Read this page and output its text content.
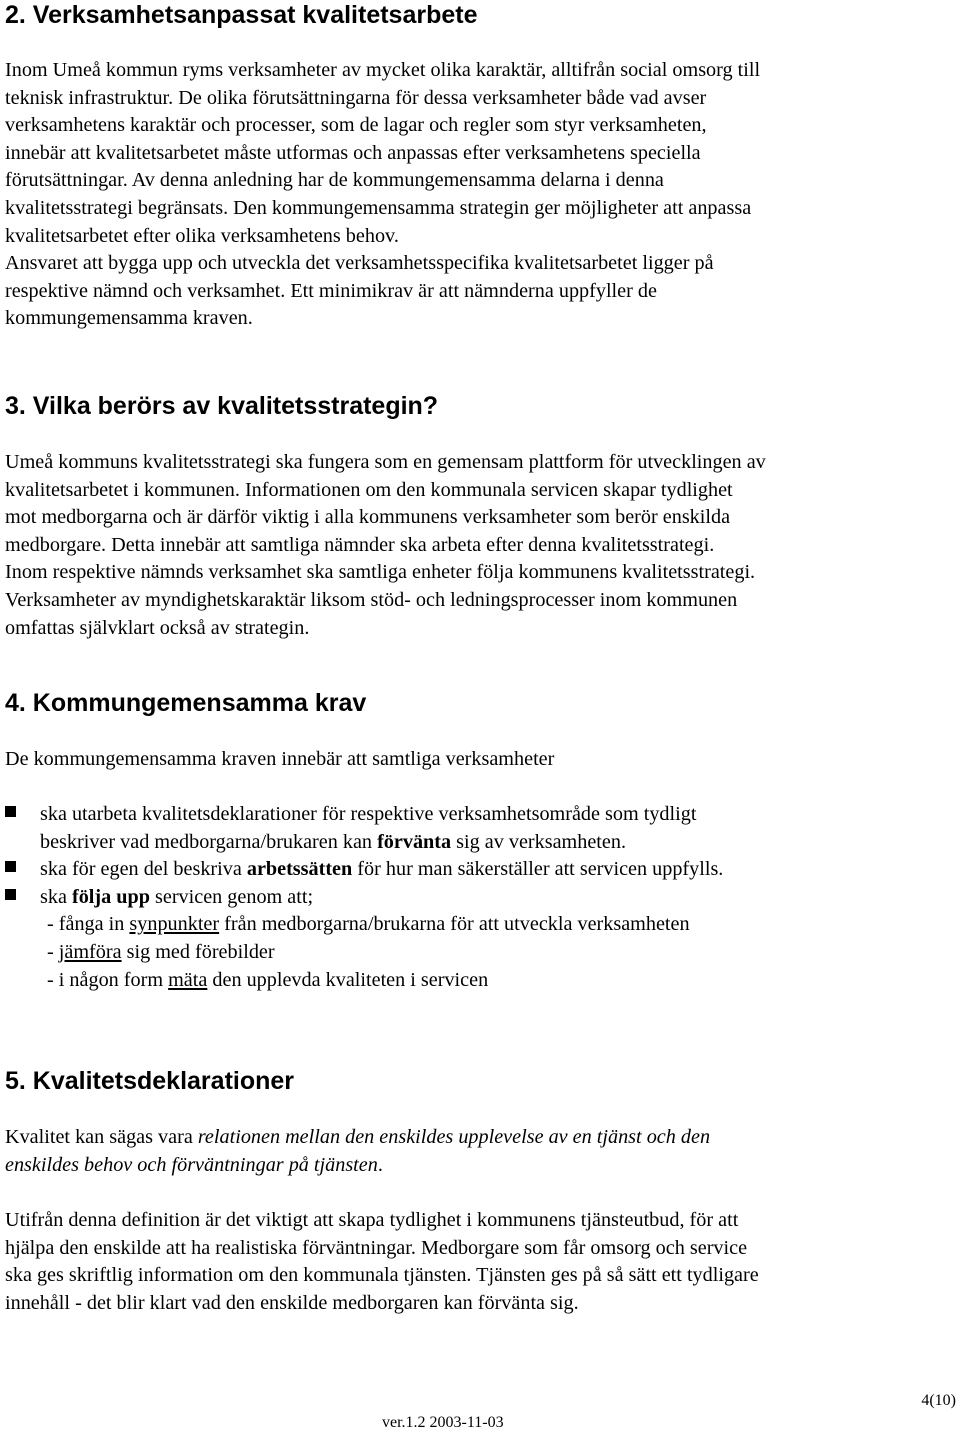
2. Verksamhetsanpassat kvalitetsarbete
Inom Umeå kommun ryms verksamheter av mycket olika karaktär, alltifrån social omsorg till
teknisk infrastruktur. De olika förutsättningarna för dessa verksamheter både vad avser
verksamhetens karaktär och processer, som de lagar och regler som styr verksamheten,
innebär att kvalitetsarbetet måste utformas och anpassas efter verksamhetens speciella
förutsättningar. Av denna anledning har de kommungemensamma delarna i denna
kvalitetsstrategi begränsats. Den kommungemensamma strategin ger möjligheter att anpassa
kvalitetsarbetet efter olika verksamhetens behov.
Ansvaret att bygga upp och utveckla det verksamhetsspecifika kvalitetsarbetet ligger på
respektive nämnd och verksamhet. Ett minimikrav är att nämnderna uppfyller de
kommungemensamma kraven.
3. Vilka berörs av kvalitetsstrategin?
Umeå kommuns kvalitetsstrategi ska fungera som en gemensam plattform för utvecklingen av
kvalitetsarbetet i kommunen. Informationen om den kommunala servicen skapar tydlighet
mot medborgarna och är därför viktig i alla kommunens verksamheter som berör enskilda
medborgare. Detta innebär att samtliga nämnder ska arbeta efter denna kvalitetsstrategi.
Inom respektive nämnds verksamhet ska samtliga enheter följa kommunens kvalitetsstrategi.
Verksamheter av myndighetskaraktär liksom stöd- och ledningsprocesser inom kommunen
omfattas självklart också av strategin.
4. Kommungemensamma krav
De kommungemensamma kraven innebär att samtliga verksamheter
ska utarbeta kvalitetsdeklarationer för respektive verksamhetsområde som tydligt
beskriver vad medborgarna/brukaren kan förvänta sig av verksamheten.
ska för egen del beskriva arbetssätten för hur man säkerställer att servicen uppfylls.
ska följa upp servicen genom att;
- fånga in synpunkter från medborgarna/brukarna för att utveckla verksamheten
- jämföra sig med förebilder
- i någon form mäta den upplevda kvaliteten i servicen
5. Kvalitetsdeklarationer
Kvalitet kan sägas vara relationen mellan den enskildes upplevelse av en tjänst och den
enskildes behov och förväntningar på tjänsten.
Utifrån denna definition är det viktigt att skapa tydlighet i kommunens tjänsteutbud, för att
hjälpa den enskilde att ha realistiska förväntningar. Medborgare som får omsorg och service
ska ges skriftlig information om den kommunala tjänsten. Tjänsten ges på så sätt ett tydligare
innehåll - det blir klart vad den enskilde medborgaren kan förvänta sig.
4(10)
ver.1.2 2003-11-03
